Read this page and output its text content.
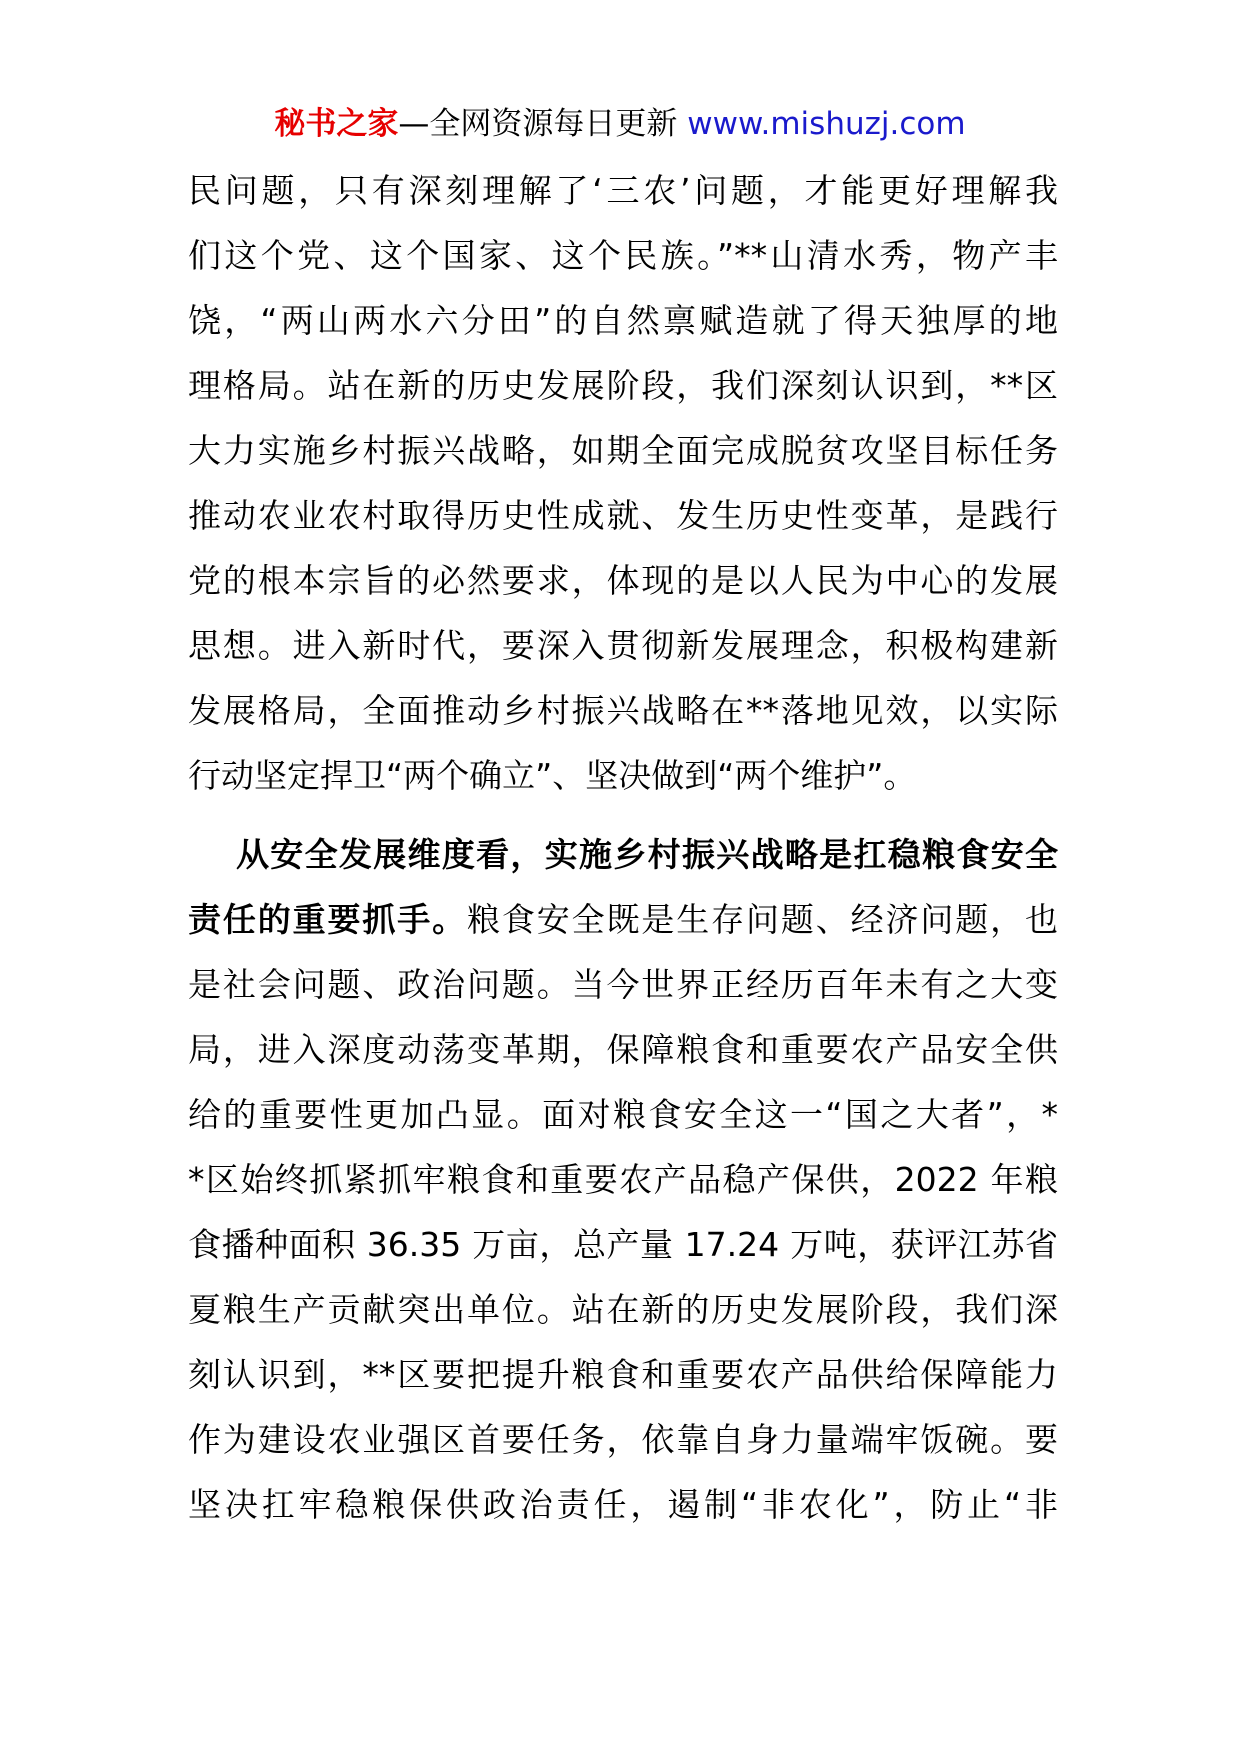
秘书之家—全网资源每日更新 www.mishuzj.com

民问题，只有深刻理解了‘三农’问题，才能更好理解我
们这个党、这个国家、这个民族。”**山清水秀，物产丰
饶，“两山两水六分田”的自然禀赋造就了得天独厚的地
理格局。站在新的历史发展阶段，我们深刻认识到，**区
大力实施乡村振兴战略，如期全面完成脱贫攻坚目标任务
推动农业农村取得历史性成就、发生历史性变革，是践行
党的根本宗旨的必然要求，体现的是以人民为中心的发展
思想。进入新时代，要深入贯彻新发展理念，积极构建新
发展格局，全面推动乡村振兴战略在**落地见效，以实际
行动坚定捍卫“两个确立”、坚决做到“两个维护”。

从安全发展维度看，实施乡村振兴战略是扛稳粮食安全
责任的重要抓手。粮食安全既是生存问题、经济问题，也
是社会问题、政治问题。当今世界正经历百年未有之大变
局，进入深度动荡变革期，保障粮食和重要农产品安全供
给的重要性更加凸显。面对粮食安全这一“国之大者”，*
*区始终抓紧抓牢粮食和重要农产品稳产保供，2022 年粮
食播种面积 36.35 万亩，总产量 17.24 万吨，获评江苏省
夏粮生产贡献突出单位。站在新的历史发展阶段，我们深
刻认识到，**区要把提升粮食和重要农产品供给保障能力
作为建设农业强区首要任务，依靠自身力量端牢饭碗。要
坚决扛牢稳粮保供政治责任，遏制“非农化”，防止“非
